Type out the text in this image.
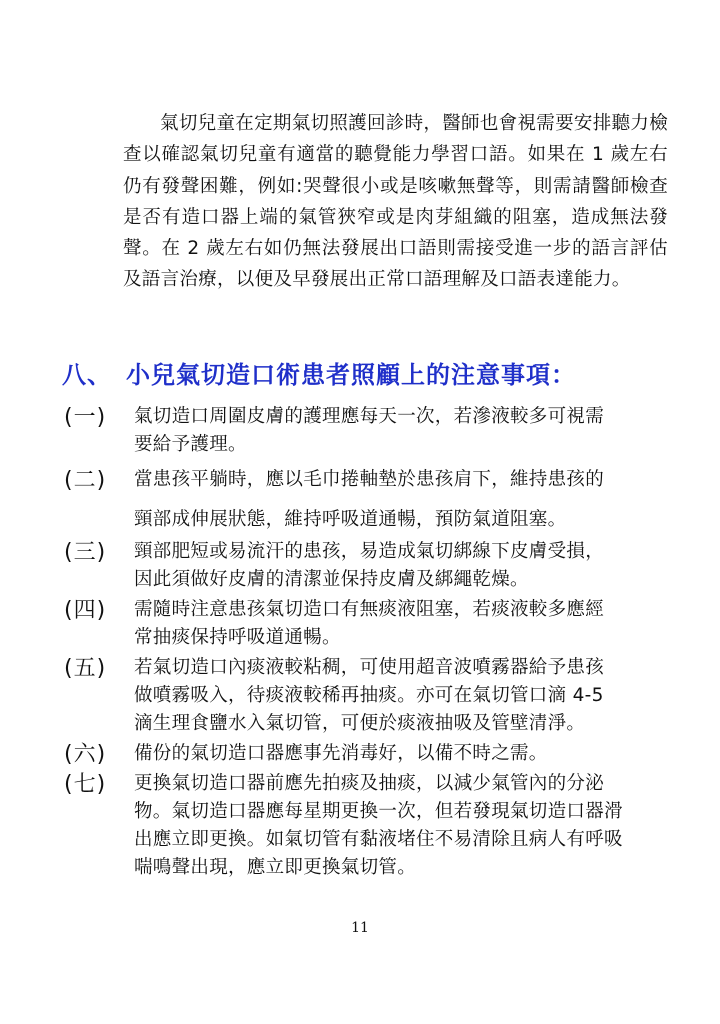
氣切兒童在定期氣切照護回診時，醫師也會視需要安排聽力檢查以確認氣切兒童有適當的聽覺能力學習口語。如果在 1 歲左右仍有發聲困難，例如:哭聲很小或是咳嗽無聲等，則需請醫師檢查是否有造口器上端的氣管狹窄或是肉芽組織的阻塞，造成無法發聲。在 2 歲左右如仍無法發展出口語則需接受進一步的語言評估及語言治療，以便及早發展出正常口語理解及口語表達能力。

八、 小兒氣切造口術患者照顧上的注意事項：
(一)	氣切造口周圍皮膚的護理應每天一次，若滲液較多可視需
要給予護理。
(二)	當患孩平躺時，應以毛巾捲軸墊於患孩肩下，維持患孩的
頸部成伸展狀態，維持呼吸道通暢，預防氣道阻塞。
(三)	頸部肥短或易流汗的患孩，易造成氣切綁線下皮膚受損，
因此須做好皮膚的清潔並保持皮膚及綁繩乾燥。
(四)	需隨時注意患孩氣切造口有無痰液阻塞，若痰液較多應經
常抽痰保持呼吸道通暢。
(五)	若氣切造口內痰液較粘稠，可使用超音波噴霧器給予患孩
做噴霧吸入，待痰液較稀再抽痰。亦可在氣切管口滴 4-5
滴生理食鹽水入氣切管，可便於痰液抽吸及管壁清淨。
(六)	備份的氣切造口器應事先消毒好，以備不時之需。
(七)	更換氣切造口器前應先拍痰及抽痰，以減少氣管內的分泌
物。氣切造口器應每星期更換一次，但若發現氣切造口器滑
出應立即更換。如氣切管有黏液堵住不易清除且病人有呼吸
喘鳴聲出現，應立即更換氣切管。
11
